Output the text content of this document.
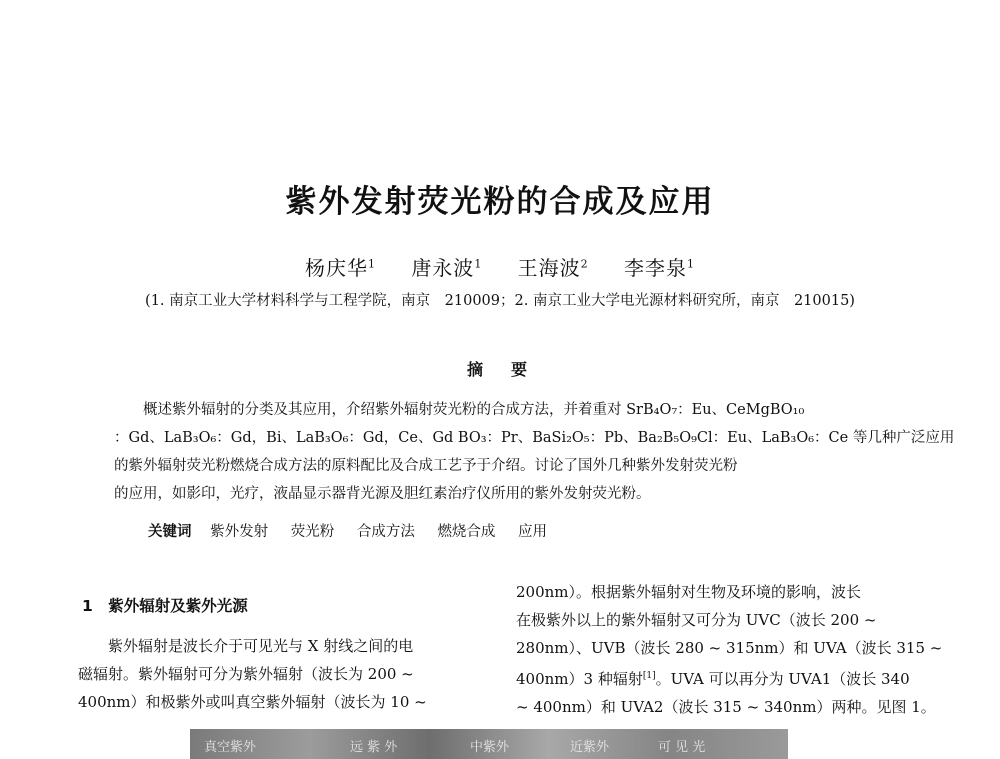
紫外发射荧光粉的合成及应用
杨庆华$^1$ 唐永波$^1$ 王海波$^2$ 李李泉$^1$
(1. 南京工业大学材料科学与工程学院，南京　210009；2. 南京工业大学电光源材料研究所，南京　210015)
摘　要
　　概述紫外辐射的分类及其应用，介绍紫外辐射荧光粉的合成方法，并着重对 SrB₄O₇：Eu、CeMgBO₁₀
：Gd、LaB₃O₆：Gd，Bi、LaB₃O₆：Gd，Ce、Gd BO₃：Pr、BaSi₂O₅：Pb、Ba₂B₅O₉Cl：Eu、LaB₃O₆：Ce 等几种广泛应用
的紫外辐射荧光粉燃烧合成方法的原料配比及合成工艺予于介绍。讨论了国外几种紫外发射荧光粉
的应用，如影印，光疗，液晶显示器背光源及胆红素治疗仪所用的紫外发射荧光粉。
关键词 紫外发射 荧光粉 合成方法 燃烧合成 应用
1　紫外辐射及紫外光源
　　紫外辐射是波长介于可见光与 X 射线之间的电
磁辐射。紫外辐射可分为紫外辐射（波长为 200 ~
400nm）和极紫外或叫真空紫外辐射（波长为 10 ~
200nm）。根据紫外辐射对生物及环境的影响，波长
在极紫外以上的紫外辐射又可分为 UVC（波长 200 ~
280nm）、UVB（波长 280 ~ 315nm）和 UVA（波长 315 ~
400nm）3 种辐射[1]。UVA 可以再分为 UVA1（波长 340
~ 400nm）和 UVA2（波长 315 ~ 340nm）两种。见图 1。
真空紫外	远 紫 外	中紫外	近紫外	可 见 光
